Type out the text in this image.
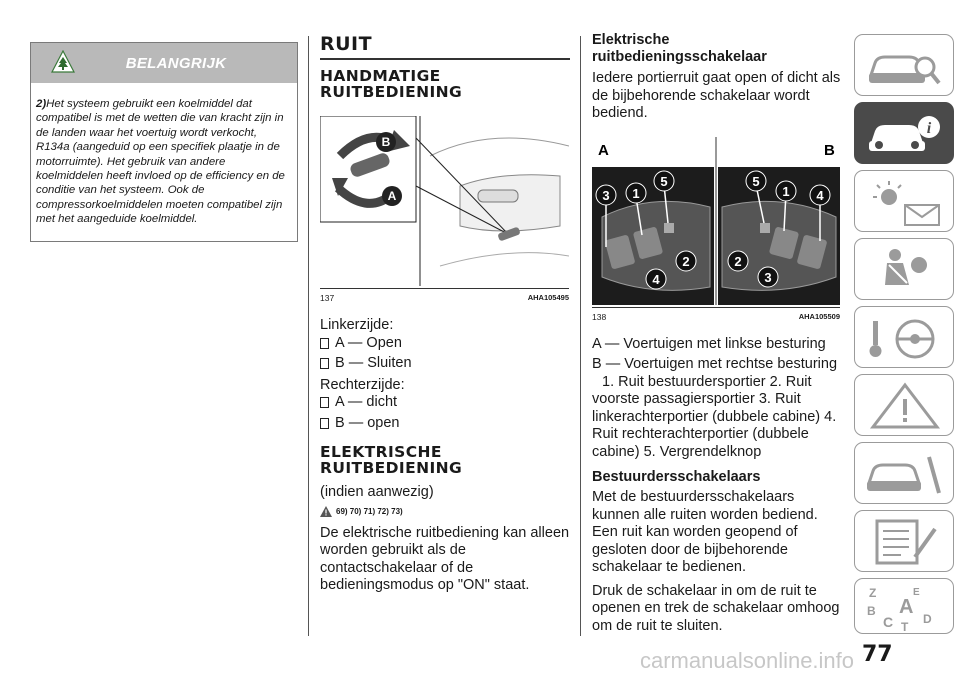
BELANGRIJK
2)Het systeem gebruikt een koelmiddel dat compatibel is met de wetten die van kracht zijn in de landen waar het voertuig wordt verkocht, R134a (aangeduid op een specifiek plaatje in de motorruimte). Het gebruik van andere koelmiddelen heeft invloed op de efficiency en de conditie van het systeem. Ook de compressorkoelmiddelen moeten compatibel zijn met het aangeduide koelmiddel.
RUIT
HANDMATIGE RUITBEDIENING
B
A
137	AHA105495
Linkerzijde:
A — Open
B — Sluiten
Rechterzijde:
A — dicht
B — open
ELEKTRISCHE RUITBEDIENING
(indien aanwezig)
69) 70) 71) 72) 73)
De elektrische ruitbediening kan alleen worden gebruikt als de contactschakelaar of de bedieningsmodus op "ON" staat.
Elektrische ruitbedieningsschakelaar
Iedere portierruit gaat open of dicht als de bijbehorende schakelaar wordt bediend.
A	B
3 1
5
2
4
5
1 4
2
3
138	AHA105509
A — Voertuigen met linkse besturing
B — Voertuigen met rechtse besturing
1. Ruit bestuurdersportier 2. Ruit voorste passagiersportier 3. Ruit linkerachterportier (dubbele cabine) 4. Ruit rechterachterportier (dubbele cabine) 5. Vergrendelknop
Bestuurdersschakelaars
Met de bestuurdersschakelaars kunnen alle ruiten worden bediend. Een ruit kan worden geopend of gesloten door de bijbehorende schakelaar te bedienen.
Druk de schakelaar in om de ruit te openen en trek de schakelaar omhoog om de ruit te sluiten.
i
Z	E
B A
C D
T
carmanualsonline.info 77
